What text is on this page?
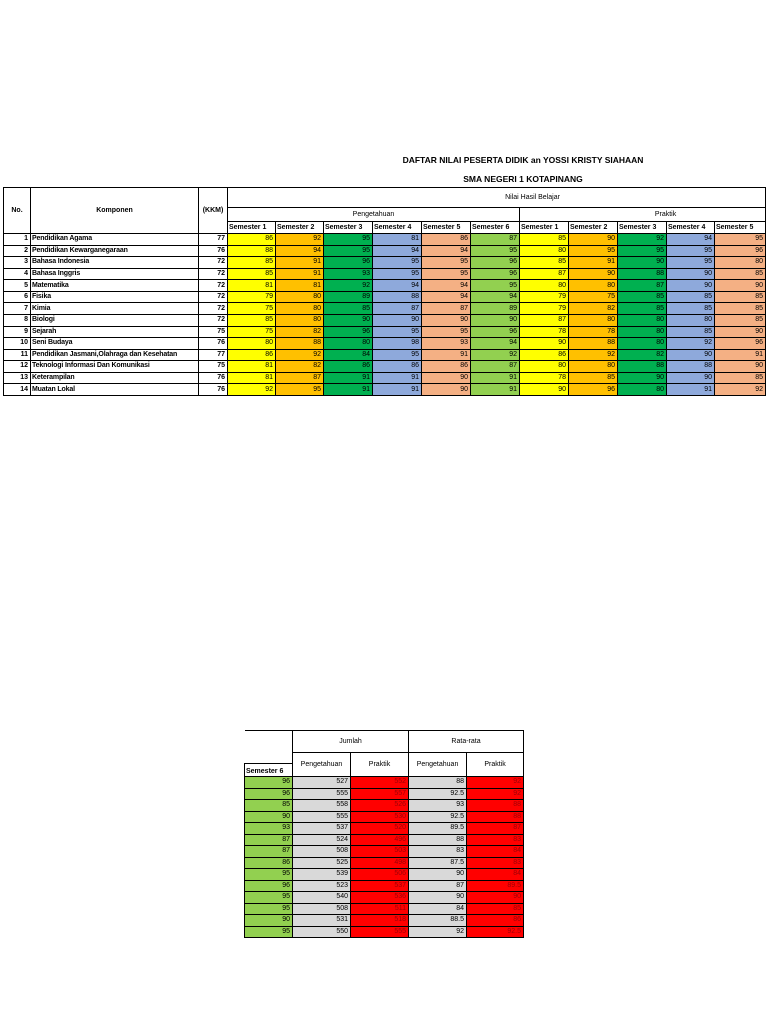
DAFTAR NILAI PESERTA DIDIK an YOSSI KRISTY SIAHAAN
SMA NEGERI 1 KOTAPINANG
No.	Komponen	(KKM)	Nilai Hasil Belajar										
			Pengetahuan						Praktik				
			Semester 1	Semester 2	Semester 3	Semester 4	Semester 5	Semester 6	Semester 1	Semester 2	Semester 3	Semester 4	Semester 5
1	Pendidikan Agama	77	86	92	95	81	86	87	85	90	92	94	95
2	Pendidikan Kewarganegaraan	76	88	94	95	94	94	95	80	95	95	95	96
3	Bahasa Indonesia	72	85	91	96	95	95	96	85	91	90	95	80
4	Bahasa Inggris	72	85	91	93	95	95	96	87	90	88	90	85
5	Matematika	72	81	81	92	94	94	95	80	80	87	90	90
6	Fisika	72	79	80	89	88	94	94	79	75	85	85	85
7	Kimia	72	75	80	85	87	87	89	79	82	85	85	85
8	Biologi	72	85	80	90	90	90	90	87	80	80	80	85
9	Sejarah	75	75	82	96	95	95	96	78	78	80	85	90
10	Seni Budaya	76	80	88	80	98	93	94	90	88	80	92	96
11	Pendidikan Jasmani,Olahraga dan Kesehatan	77	86	92	84	95	91	92	86	92	82	90	91
12	Teknologi Informasi Dan Komunikasi	75	81	82	86	86	86	87	80	80	88	88	90
13	Keterampilan	76	81	87	91	91	90	91	78	85	90	90	85
14	Muatan Lokal	76	92	95	91	91	90	91	90	96	80	91	92
	Jumlah		Rata-rata	
	Pengetahuan	Praktik	Pengetahuan	Praktik
Semester 6				
96	527	552	88	92
96	555	557	92.5	92
85	558	526	93	88
90	555	530	92.5	88
93	537	520	89.5	87
87	524	496	88	83
87	508	503	83	84
86	525	498	87.5	83
95	539	506	90	84
96	523	537	87	89.5
95	540	536	90	90
95	508	511	84	85
90	531	518	88.5	86
95	550	555	92	92.5
